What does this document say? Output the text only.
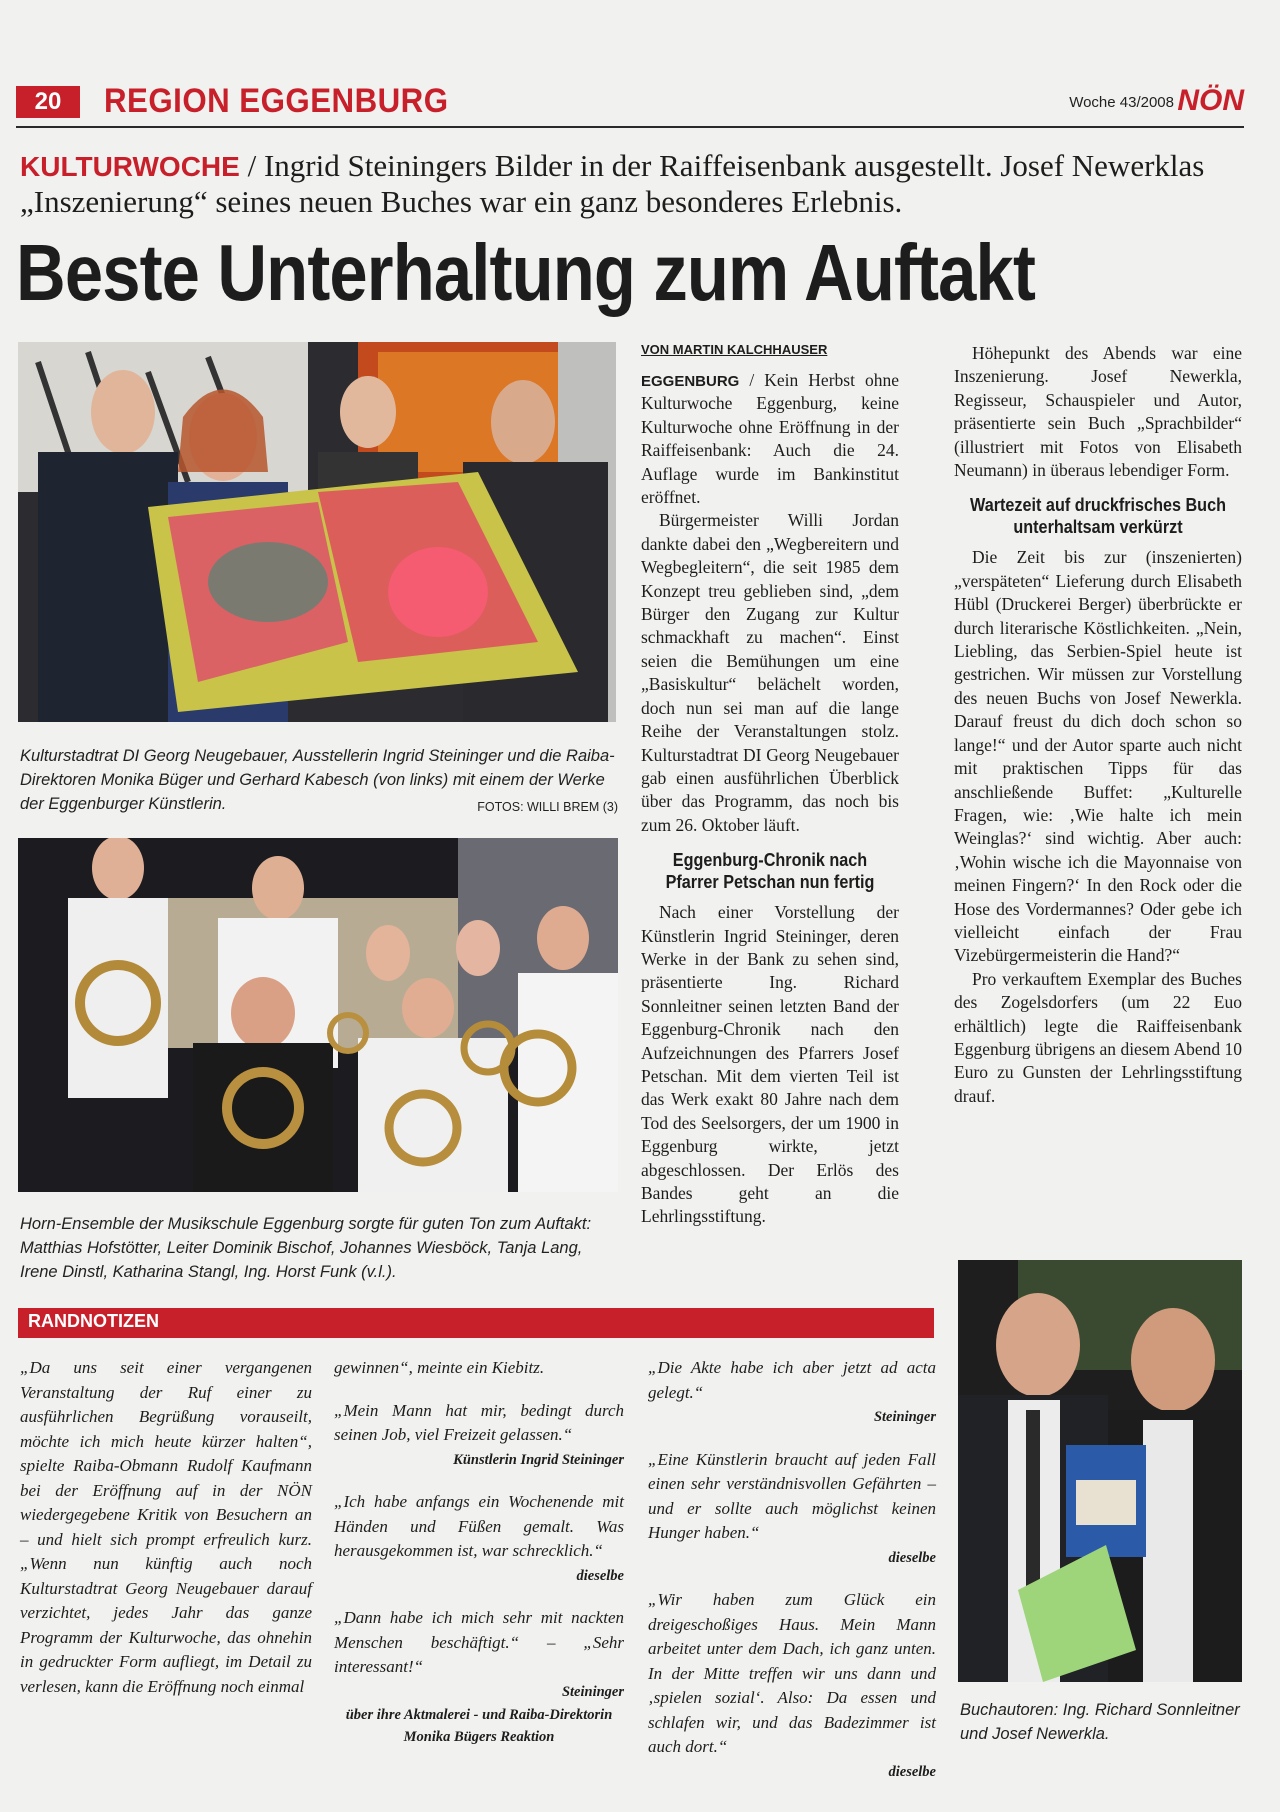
20	REGION EGGENBURG	Woche 43/2008 NÖN
KULTURWOCHE / Ingrid Steiningers Bilder in der Raiffeisenbank ausgestellt. Josef Newerklas „Inszenierung“ seines neuen Buches war ein ganz besonderes Erlebnis.
Beste Unterhaltung zum Auftakt
Kulturstadtrat DI Georg Neugebauer, Ausstellerin Ingrid Steininger und die Raiba-Direktoren Monika Büger und Gerhard Kabesch (von links) mit einem der Werke der Eggenburger Künstlerin.	FOTOS: WILLI BREM (3)
Horn-Ensemble der Musikschule Eggenburg sorgte für guten Ton zum Auftakt: Matthias Hofstötter, Leiter Dominik Bischof, Johannes Wiesböck, Tanja Lang, Irene Dinstl, Katharina Stangl, Ing. Horst Funk (v.l.).
VON MARTIN KALCHHAUSER

EGGENBURG / Kein Herbst ohne Kulturwoche Eggenburg, keine Kulturwoche ohne Eröffnung in der Raiffeisenbank: Auch die 24. Auflage wurde im Bankinstitut eröffnet.

Bürgermeister Willi Jordan dankte dabei den „Wegbereitern und Wegbegleitern“, die seit 1985 dem Konzept treu geblieben sind, „dem Bürger den Zugang zur Kultur schmackhaft zu machen“. Einst seien die Bemühungen um eine „Basiskultur“ belächelt worden, doch nun sei man auf die lange Reihe der Veranstaltungen stolz. Kulturstadtrat DI Georg Neugebauer gab einen ausführlichen Überblick über das Programm, das noch bis zum 26. Oktober läuft.

Eggenburg-Chronik nach Pfarrer Petschan nun fertig

Nach einer Vorstellung der Künstlerin Ingrid Steininger, deren Werke in der Bank zu sehen sind, präsentierte Ing. Richard Sonnleitner seinen letzten Band der Eggenburg-Chronik nach den Aufzeichnungen des Pfarrers Josef Petschan. Mit dem vierten Teil ist das Werk exakt 80 Jahre nach dem Tod des Seelsorgers, der um 1900 in Eggenburg wirkte, jetzt abgeschlossen. Der Erlös des Bandes geht an die Lehrlingsstiftung.

Höhepunkt des Abends war eine Inszenierung. Josef Newerkla, Regisseur, Schauspieler und Autor, präsentierte sein Buch „Sprachbilder“ (illustriert mit Fotos von Elisabeth Neumann) in überaus lebendiger Form.

Wartezeit auf druckfrisches Buch unterhaltsam verkürzt

Die Zeit bis zur (inszenierten) „verspäteten“ Lieferung durch Elisabeth Hübl (Druckerei Berger) überbrückte er durch literarische Köstlichkeiten. „Nein, Liebling, das Serbien-Spiel heute ist gestrichen. Wir müssen zur Vorstellung des neuen Buchs von Josef Newerkla. Darauf freust du dich doch schon so lange!“ und der Autor sparte auch nicht mit praktischen Tipps für das anschließende Buffet: „Kulturelle Fragen, wie: ‚Wie halte ich mein Weinglas?‘ sind wichtig. Aber auch: ‚Wohin wische ich die Mayonnaise von meinen Fingern?‘ In den Rock oder die Hose des Vordermannes? Oder gebe ich vielleicht einfach der Frau Vizebürgermeisterin die Hand?“

Pro verkauftem Exemplar des Buches des Zogelsdorfers (um 22 Euo erhältlich) legte die Raiffeisenbank Eggenburg übrigens an diesem Abend 10 Euro zu Gunsten der Lehrlingsstiftung drauf.

Buchautoren: Ing. Richard Sonnleitner und Josef Newerkla.
RANDNOTIZEN

„Da uns seit einer vergangenen Veranstaltung der Ruf einer zu ausführlichen Begrüßung vorauseilt, möchte ich mich heute kürzer halten“, spielte Raiba-Obmann Rudolf Kaufmann bei der Eröffnung auf in der NÖN wiedergegebene Kritik von Besuchern an – und hielt sich prompt erfreulich kurz. „Wenn nun künftig auch noch Kulturstadtrat Georg Neugebauer darauf verzichtet, jedes Jahr das ganze Programm der Kulturwoche, das ohnehin in gedruckter Form aufliegt, im Detail zu verlesen, kann die Eröffnung noch einmal

gewinnen“, meinte ein Kiebitz.

„Mein Mann hat mir, bedingt durch seinen Job, viel Freizeit gelassen.“
Künstlerin Ingrid Steininger

„Ich habe anfangs ein Wochenende mit Händen und Füßen gemalt. Was herausgekommen ist, war schrecklich.“
dieselbe

„Dann habe ich mich sehr mit nackten Menschen beschäftigt.“ – „Sehr interessant!“
Steininger
über ihre Aktmalerei - und Raiba-Direktorin Monika Bügers Reaktion

„Die Akte habe ich aber jetzt ad acta gelegt.“
Steininger

„Eine Künstlerin braucht auf jeden Fall einen sehr verständnisvollen Gefährten – und er sollte auch möglichst keinen Hunger haben.“
dieselbe

„Wir haben zum Glück ein dreigeschoßiges Haus. Mein Mann arbeitet unter dem Dach, ich ganz unten. In der Mitte treffen wir uns dann und ‚spielen sozial‘. Also: Da essen und schlafen wir, und das Badezimmer ist auch dort.“
dieselbe
